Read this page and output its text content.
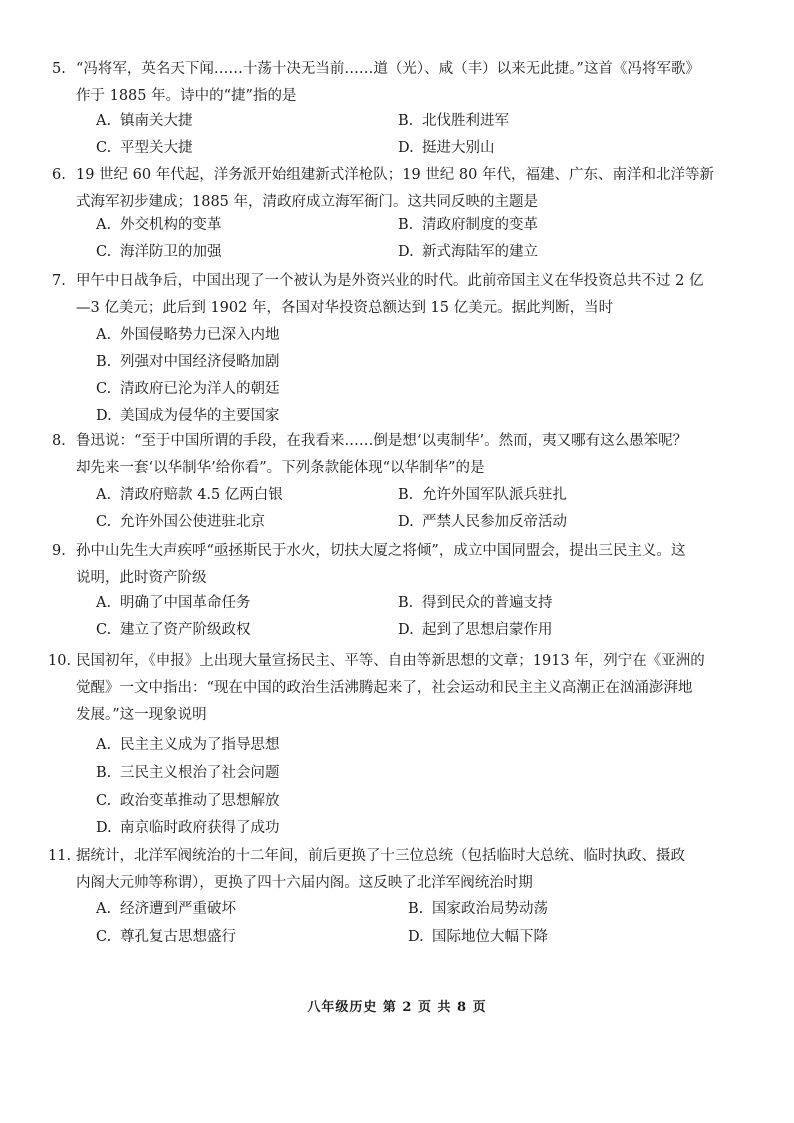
5. “冯将军，英名天下闻……十荡十决无当前……道（光）、咸（丰）以来无此捷。”这首《冯将军歌》
作于 1885 年。诗中的“捷”指的是
A. 镇南关大捷	B. 北伐胜利进军
C. 平型关大捷	D. 挺进大别山
6. 19 世纪 60 年代起，洋务派开始组建新式洋枪队；19 世纪 80 年代，福建、广东、南洋和北洋等新
式海军初步建成；1885 年，清政府成立海军衙门。这共同反映的主题是
A. 外交机构的变革	B. 清政府制度的变革
C. 海洋防卫的加强	D. 新式海陆军的建立
7. 甲午中日战争后，中国出现了一个被认为是外资兴业的时代。此前帝国主义在华投资总共不过 2 亿
—3 亿美元；此后到 1902 年，各国对华投资总额达到 15 亿美元。据此判断，当时
A. 外国侵略势力已深入内地
B. 列强对中国经济侵略加剧
C. 清政府已沦为洋人的朝廷
D. 美国成为侵华的主要国家
8. 鲁迅说：“至于中国所谓的手段，在我看来……倒是想‘以夷制华’。然而，夷又哪有这么愚笨呢？
却先来一套‘以华制华’给你看”。下列条款能体现“以华制华”的是
A. 清政府赔款 4.5 亿两白银	B. 允许外国军队派兵驻扎
C. 允许外国公使进驻北京	D. 严禁人民参加反帝活动
9. 孙中山先生大声疾呼“亟拯斯民于水火，切扶大厦之将倾”，成立中国同盟会，提出三民主义。这
说明，此时资产阶级
A. 明确了中国革命任务	B. 得到民众的普遍支持
C. 建立了资产阶级政权	D. 起到了思想启蒙作用
10. 民国初年，《申报》上出现大量宣扬民主、平等、自由等新思想的文章；1913 年，列宁在《亚洲的
觉醒》一文中指出：“现在中国的政治生活沸腾起来了，社会运动和民主主义高潮正在汹涌澎湃地
发展。”这一现象说明
A. 民主主义成为了指导思想
B. 三民主义根治了社会问题
C. 政治变革推动了思想解放
D. 南京临时政府获得了成功
11. 据统计，北洋军阀统治的十二年间，前后更换了十三位总统（包括临时大总统、临时执政、摄政
内阁大元帅等称谓），更换了四十六届内阁。这反映了北洋军阀统治时期
A. 经济遭到严重破坏	B. 国家政治局势动荡
C. 尊孔复古思想盛行	D. 国际地位大幅下降
八年级历史 第 2 页 共 8 页
